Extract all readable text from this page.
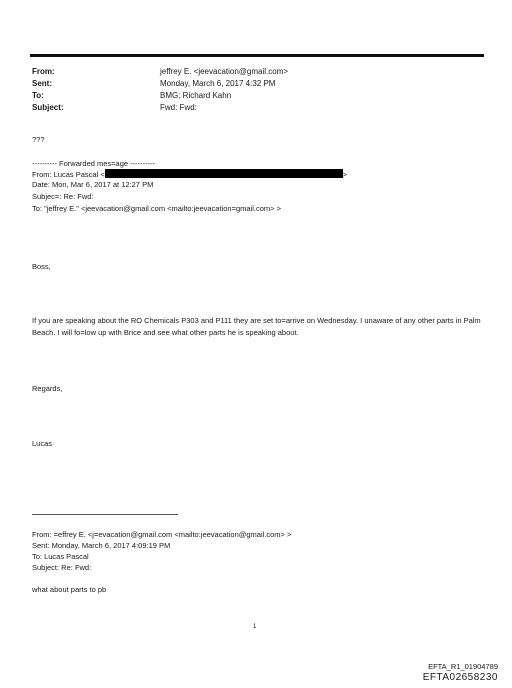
From:	jeffrey E. <jeevacation@gmail.com>
Sent:	Monday, March 6, 2017 4:32 PM
To:	BMG; Richard Kahn
Subject:	Fwd: Fwd:
???
---------- Forwarded mes=age ----------
From: Lucas Pascal <	>
Date: Mon, Mar 6, 2017 at 12:27 PM
Subjec=: Re: Fwd:
To: "jeffrey E." <jeevacation@gmail.com <mailto:jeevacation=gmail.com> >
Boss,
If you are speaking about the RO Chemicals P303 and P111 they are set to=arrive on Wednesday. I unaware of any other parts in Palm Beach. I will fo=low up with Brice and see what other parts he is speaking about.
Regards,
Lucas
From: =effrey E. <j=evacation@gmail.com <mailto:jeevacation@gmail.com> >
Sent: Monday, March 6, 2017 4:09:19 PM
To: Lucas Pascal
Subject: Re: Fwd:
what about parts to pb
1
EFTA_R1_01904789
EFTA02658230
